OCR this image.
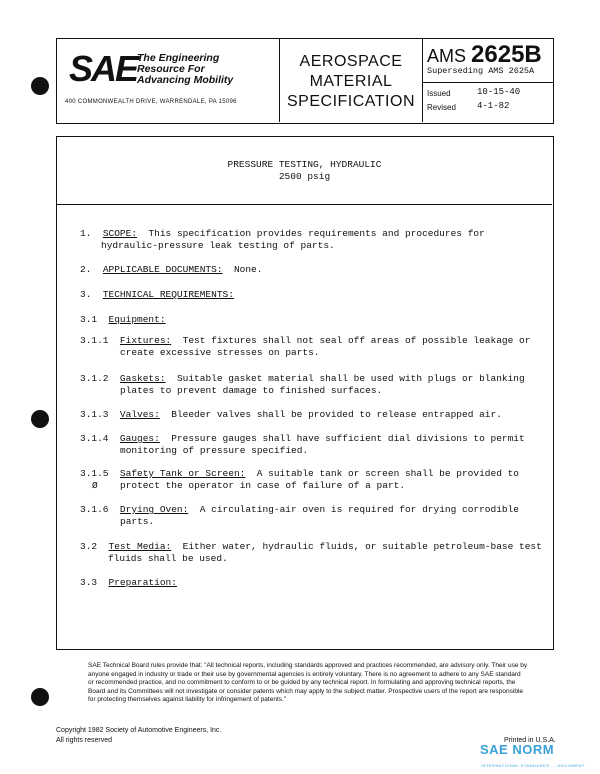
SAE The Engineering
Resource For
Advancing Mobility
400 COMMONWEALTH DRIVE, WARRENDALE, PA 15096
AEROSPACE
MATERIAL
SPECIFICATION
AMS 2625B
Superseding AMS 2625A
Issued	10-15-40
Revised 4-1-82
PRESSURE TESTING, HYDRAULIC
2500 psig
1. SCOPE: This specification provides requirements and procedures for
hydraulic-pressure leak testing of parts.
2. APPLICABLE DOCUMENTS: None.
3. TECHNICAL REQUIREMENTS:
3.1 Equipment:
3.1.1 Fixtures: Test fixtures shall not seal off areas of possible leakage or
create excessive stresses on parts.
3.1.2 Gaskets: Suitable gasket material shall be used with plugs or blanking
plates to prevent damage to finished surfaces.
3.1.3 Valves: Bleeder valves shall be provided to release entrapped air.
3.1.4 Gauges: Pressure gauges shall have sufficient dial divisions to permit
monitoring of pressure specified.
3.1.5 Safety Tank or Screen: A suitable tank or screen shall be provided to
Ø protect the operator in case of failure of a part.
3.1.6 Drying Oven: A circulating-air oven is required for drying corrodible
parts.
3.2 Test Media: Either water, hydraulic fluids, or suitable petroleum-base test
fluids shall be used.
3.3 Preparation:
SAE Technical Board rules provide that: "All technical reports, including standards approved and practices recommended, are advisory only. Their use by anyone engaged in industry or trade or their use by governmental agencies is entirely voluntary. There is no agreement to adhere to any SAE standard or recommended practice, and no commitment to conform to or be guided by any technical report. In formulating and approving technical reports, the Board and its Committees will not investigate or consider patents which may apply to the subject matter. Prospective users of the report are responsible for protecting themselves against liability for infringement of patents."
Copyright 1982 Society of Automotive Engineers, Inc.
All rights reserved	Printed in U.S.A.
SAE NORM
INTERNATIONAL STANDARDS ... DOCUMENT
